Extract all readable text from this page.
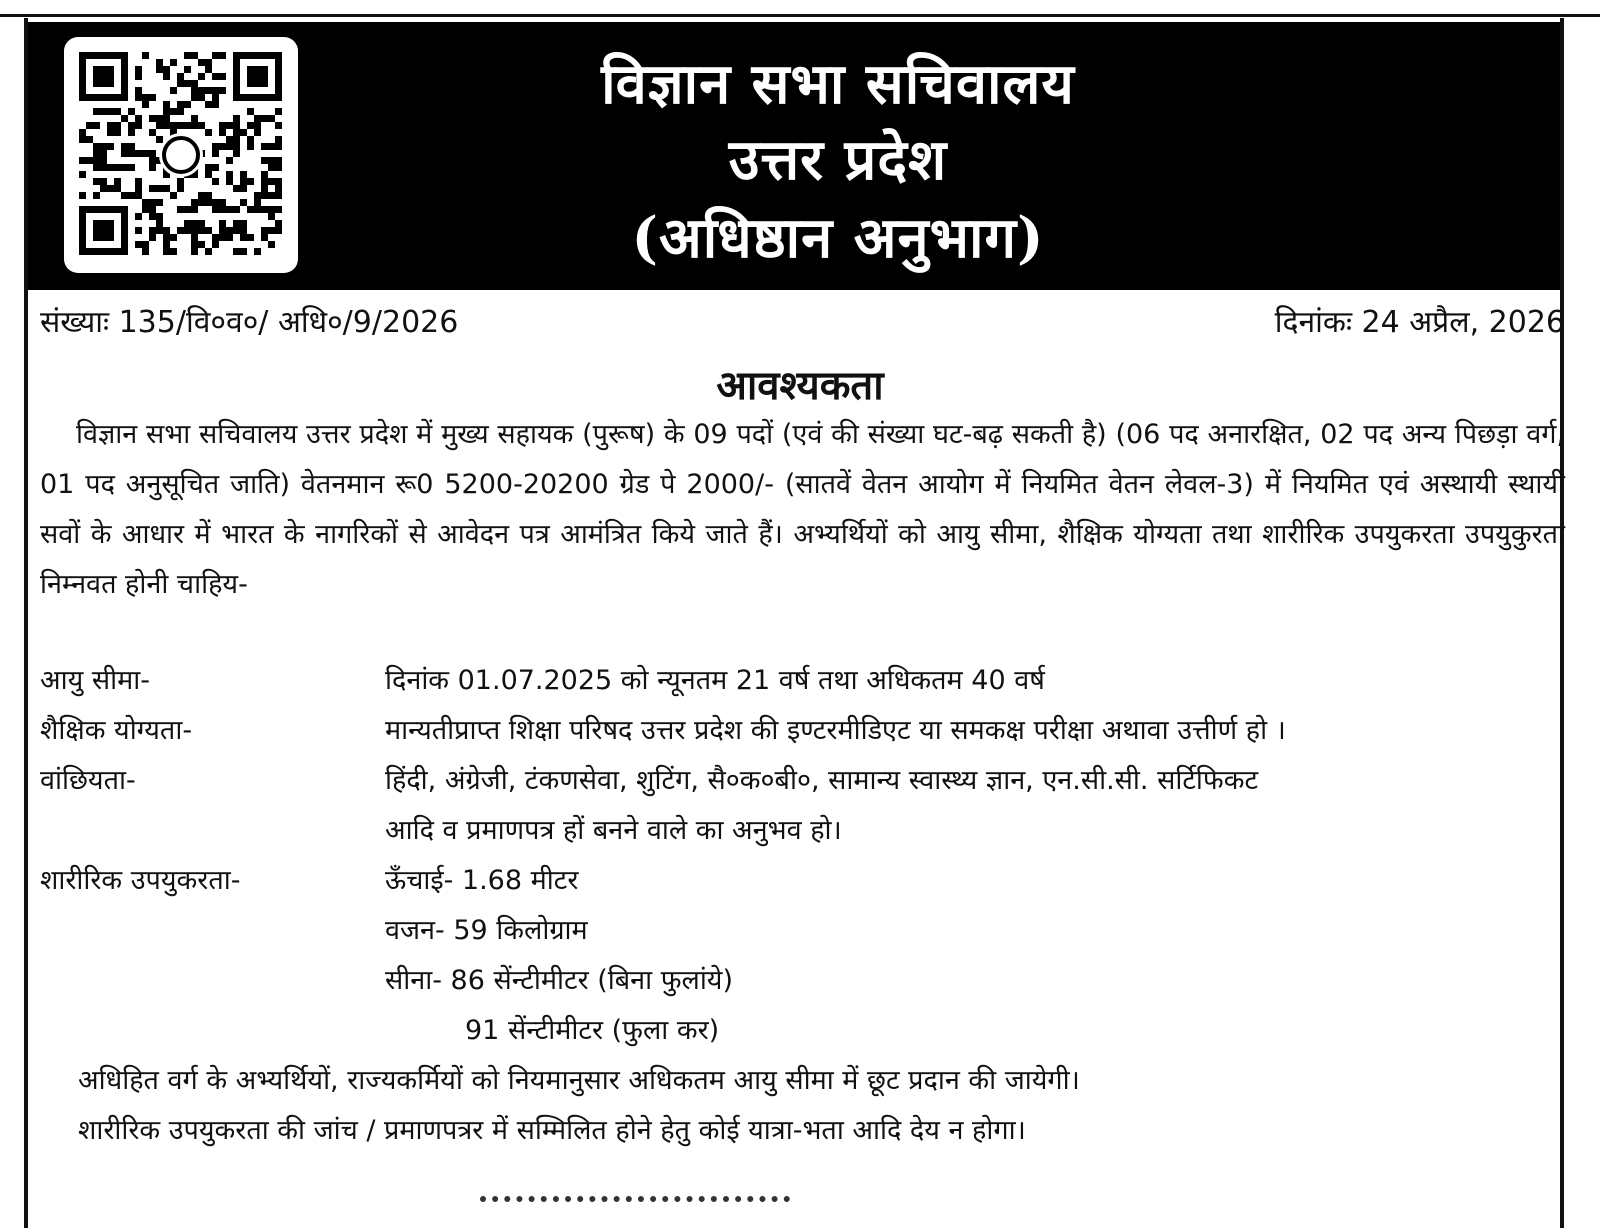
विज्ञान सभा सचिवालय
उत्तर प्रदेश
(अधिष्ठान अनुभाग)
संख्याः 135/वि०व०/ अधि०/9/2026	दिनांकः 24 अप्रैल, 2026
आवश्यकता
विज्ञान सभा सचिवालय उत्तर प्रदेश में मुख्य सहायक (पुरूष) के 09 पदों (एवं की संख्या घट-बढ़ सकती है) (06 पद अनारक्षित, 02 पद अन्य पिछड़ा वर्ग, 01 पद अनुसूचित जाति) वेतनमान रू0 5200-20200 ग्रेड पे 2000/- (सातवें वेतन आयोग में नियमित वेतन लेवल-3) में नियमित एवं अस्थायी स्थायी सवों के आधार में भारत के नागरिकों से आवेदन पत्र आमंत्रित किये जाते हैं। अभ्यर्थियों को आयु सीमा, शैक्षिक योग्यता तथा शारीरिक उपयुकरता उपयुकुरता निम्नवत होनी चाहिय-
आयु सीमा-	दिनांक 01.07.2025 को न्यूनतम 21 वर्ष तथा अधिकतम 40 वर्ष
शैक्षिक योग्यता-	मान्यतीप्राप्त शिक्षा परिषद उत्तर प्रदेश की इण्टरमीडिएट या समकक्ष परीक्षा अथावा उत्तीर्ण हो ।
वांछियता-	हिंदी, अंग्रेजी, टंकणसेवा, शुटिंग, सै०क०बी०, सामान्य स्वास्थ्य ज्ञान, एन.सी.सी. सर्टिफिकट
आदि व प्रमाणपत्र हों बनने वाले का अनुभव हो।
शारीरिक उपयुकरता-	ऊँचाई- 1.68 मीटर
वजन- 59 किलोग्राम
सीना- 86 सेंन्टीमीटर (बिना फुलांये)
91 सेंन्टीमीटर (फुला कर)
अधिहित वर्ग के अभ्यर्थियों, राज्यकर्मियों को नियमानुसार अधिकतम आयु सीमा में छूट प्रदान की जायेगी।
शारीरिक उपयुकरता की जांच / प्रमाणपत्रर में सम्मिलित होने हेतु कोई यात्रा-भता आदि देय न होगा।
